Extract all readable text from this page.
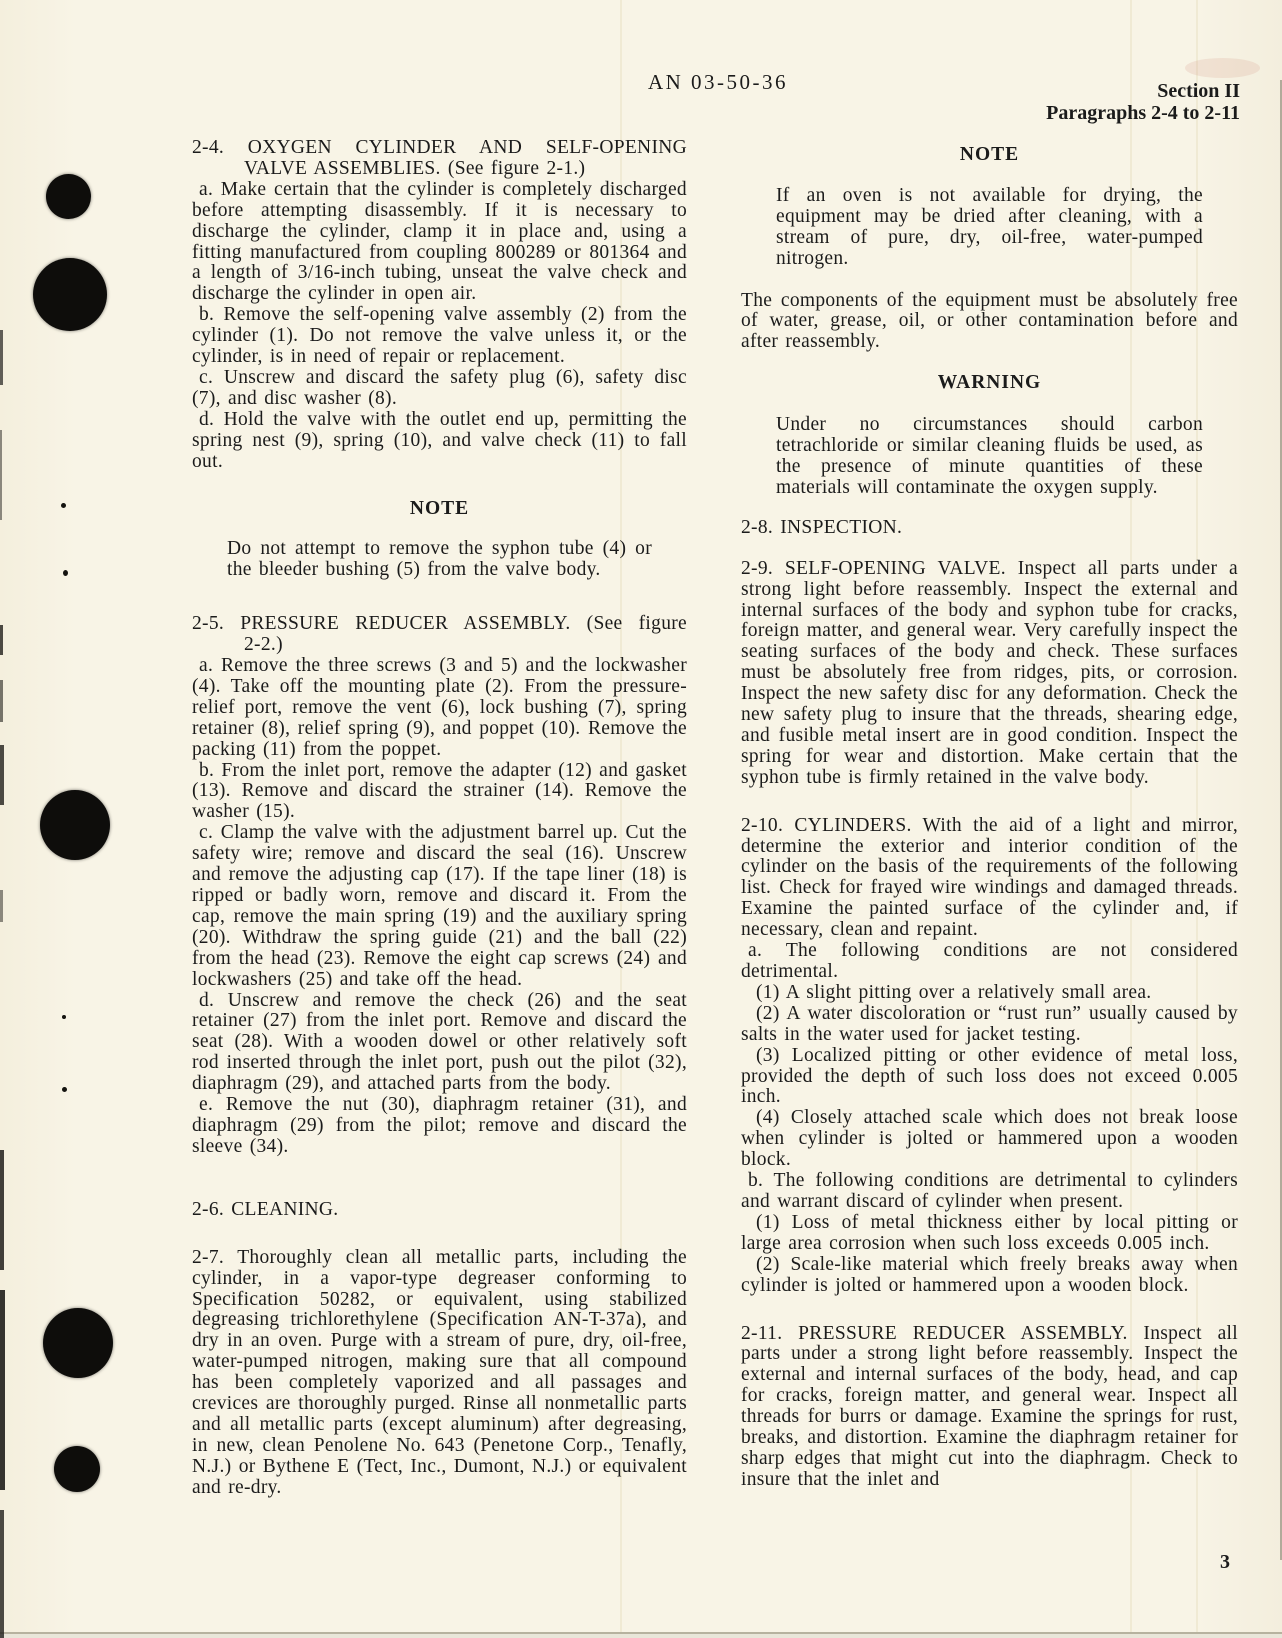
AN 03-50-36	Section II
Paragraphs 2-4 to 2-11
2-4. OXYGEN CYLINDER AND SELF-OPENING
VALVE ASSEMBLIES. (See figure 2-1.)

a. Make certain that the cylinder is completely discharged before attempting disassembly. If it is necessary to discharge the cylinder, clamp it in place and, using a fitting manufactured from coupling 800289 or 801364 and a length of 3/16-inch tubing, unseat the valve check and discharge the cylinder in open air.

b. Remove the self-opening valve assembly (2) from the cylinder (1). Do not remove the valve unless it, or the cylinder, is in need of repair or replacement.

c. Unscrew and discard the safety plug (6), safety disc (7), and disc washer (8).

d. Hold the valve with the outlet end up, permitting the spring nest (9), spring (10), and valve check (11) to fall out.

NOTE

Do not attempt to remove the syphon tube (4) or the bleeder bushing (5) from the valve body.

2-5. PRESSURE REDUCER ASSEMBLY. (See figure
2-2.)

a. Remove the three screws (3 and 5) and the lockwasher (4). Take off the mounting plate (2). From the pressure-relief port, remove the vent (6), lock bushing (7), spring retainer (8), relief spring (9), and poppet (10). Remove the packing (11) from the poppet.

b. From the inlet port, remove the adapter (12) and gasket (13). Remove and discard the strainer (14). Remove the washer (15).

c. Clamp the valve with the adjustment barrel up. Cut the safety wire; remove and discard the seal (16). Unscrew and remove the adjusting cap (17). If the tape liner (18) is ripped or badly worn, remove and discard it. From the cap, remove the main spring (19) and the auxiliary spring (20). Withdraw the spring guide (21) and the ball (22) from the head (23). Remove the eight cap screws (24) and lockwashers (25) and take off the head.

d. Unscrew and remove the check (26) and the seat retainer (27) from the inlet port. Remove and discard the seat (28). With a wooden dowel or other relatively soft rod inserted through the inlet port, push out the pilot (32), diaphragm (29), and attached parts from the body.

e. Remove the nut (30), diaphragm retainer (31), and diaphragm (29) from the pilot; remove and discard the sleeve (34).

2-6. CLEANING.

2-7. Thoroughly clean all metallic parts, including the cylinder, in a vapor-type degreaser conforming to Specification 50282, or equivalent, using stabilized degreasing trichlorethylene (Specification AN-T-37a), and dry in an oven. Purge with a stream of pure, dry, oil-free, water-pumped nitrogen, making sure that all compound has been completely vaporized and all passages and crevices are thoroughly purged. Rinse all nonmetallic parts and all metallic parts (except aluminum) after degreasing, in new, clean Penolene No. 643 (Penetone Corp., Tenafly, N.J.) or Bythene E (Tect, Inc., Dumont, N.J.) or equivalent and re-dry.

NOTE

If an oven is not available for drying, the equipment may be dried after cleaning, with a stream of pure, dry, oil-free, water-pumped nitrogen.

The components of the equipment must be absolutely free of water, grease, oil, or other contamination before and after reassembly.

WARNING

Under no circumstances should carbon tetrachloride or similar cleaning fluids be used, as the presence of minute quantities of these materials will contaminate the oxygen supply.

2-8. INSPECTION.

2-9. SELF-OPENING VALVE. Inspect all parts under a strong light before reassembly. Inspect the external and internal surfaces of the body and syphon tube for cracks, foreign matter, and general wear. Very carefully inspect the seating surfaces of the body and check. These surfaces must be absolutely free from ridges, pits, or corrosion. Inspect the new safety disc for any deformation. Check the new safety plug to insure that the threads, shearing edge, and fusible metal insert are in good condition. Inspect the spring for wear and distortion. Make certain that the syphon tube is firmly retained in the valve body.

2-10. CYLINDERS. With the aid of a light and mirror, determine the exterior and interior condition of the cylinder on the basis of the requirements of the following list. Check for frayed wire windings and damaged threads. Examine the painted surface of the cylinder and, if necessary, clean and repaint.

a. The following conditions are not considered detrimental.

(1) A slight pitting over a relatively small area.

(2) A water discoloration or “rust run” usually caused by salts in the water used for jacket testing.

(3) Localized pitting or other evidence of metal loss, provided the depth of such loss does not exceed 0.005 inch.

(4) Closely attached scale which does not break loose when cylinder is jolted or hammered upon a wooden block.

b. The following conditions are detrimental to cylinders and warrant discard of cylinder when present.

(1) Loss of metal thickness either by local pitting or large area corrosion when such loss exceeds 0.005 inch.

(2) Scale-like material which freely breaks away when cylinder is jolted or hammered upon a wooden block.

2-11. PRESSURE REDUCER ASSEMBLY. Inspect all parts under a strong light before reassembly. Inspect the external and internal surfaces of the body, head, and cap for cracks, foreign matter, and general wear. Inspect all threads for burrs or damage. Examine the springs for rust, breaks, and distortion. Examine the diaphragm retainer for sharp edges that might cut into the diaphragm. Check to insure that the inlet and

3
